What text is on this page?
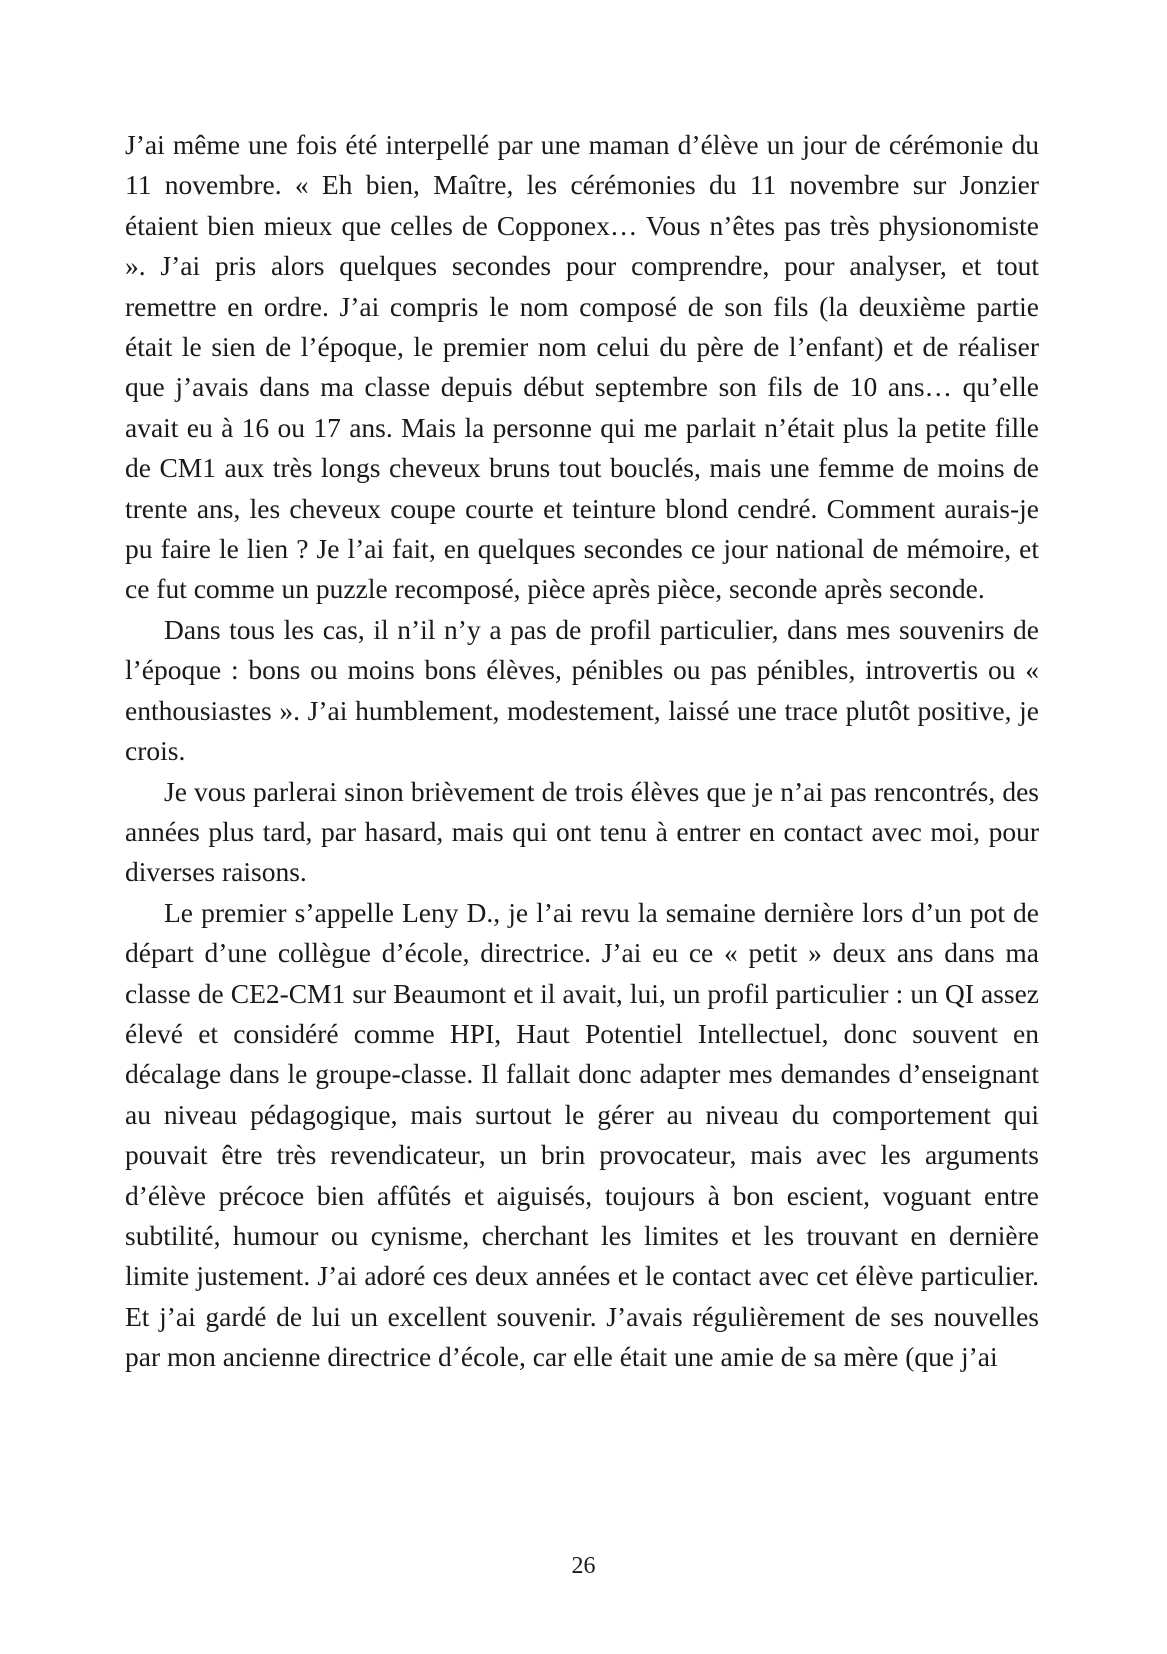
J’ai même une fois été interpellé par une maman d’élève un jour de cérémonie du 11 novembre. « Eh bien, Maître, les cérémonies du 11 novembre sur Jonzier étaient bien mieux que celles de Copponex… Vous n’êtes pas très physionomiste ». J’ai pris alors quelques secondes pour comprendre, pour analyser, et tout remettre en ordre. J’ai compris le nom composé de son fils (la deuxième partie était le sien de l’époque, le premier nom celui du père de l’enfant) et de réaliser que j’avais dans ma classe depuis début septembre son fils de 10 ans… qu’elle avait eu à 16 ou 17 ans. Mais la personne qui me parlait n’était plus la petite fille de CM1 aux très longs cheveux bruns tout bouclés, mais une femme de moins de trente ans, les cheveux coupe courte et teinture blond cendré. Comment aurais-je pu faire le lien ? Je l’ai fait, en quelques secondes ce jour national de mémoire, et ce fut comme un puzzle recomposé, pièce après pièce, seconde après seconde.

Dans tous les cas, il n’il n’y a pas de profil particulier, dans mes souvenirs de l’époque : bons ou moins bons élèves, pénibles ou pas pénibles, introvertis ou « enthousiastes ». J’ai humblement, modestement, laissé une trace plutôt positive, je crois.

Je vous parlerai sinon brièvement de trois élèves que je n’ai pas rencontrés, des années plus tard, par hasard, mais qui ont tenu à entrer en contact avec moi, pour diverses raisons.

Le premier s’appelle Leny D., je l’ai revu la semaine dernière lors d’un pot de départ d’une collègue d’école, directrice. J’ai eu ce « petit » deux ans dans ma classe de CE2-CM1 sur Beaumont et il avait, lui, un profil particulier : un QI assez élevé et considéré comme HPI, Haut Potentiel Intellectuel, donc souvent en décalage dans le groupe-classe. Il fallait donc adapter mes demandes d’enseignant au niveau pédagogique, mais surtout le gérer au niveau du comportement qui pouvait être très revendicateur, un brin provocateur, mais avec les arguments d’élève précoce bien affûtés et aiguisés, toujours à bon escient, voguant entre subtilité, humour ou cynisme, cherchant les limites et les trouvant en dernière limite justement. J’ai adoré ces deux années et le contact avec cet élève particulier. Et j’ai gardé de lui un excellent souvenir. J’avais régulièrement de ses nouvelles par mon ancienne directrice d’école, car elle était une amie de sa mère (que j’ai

26
